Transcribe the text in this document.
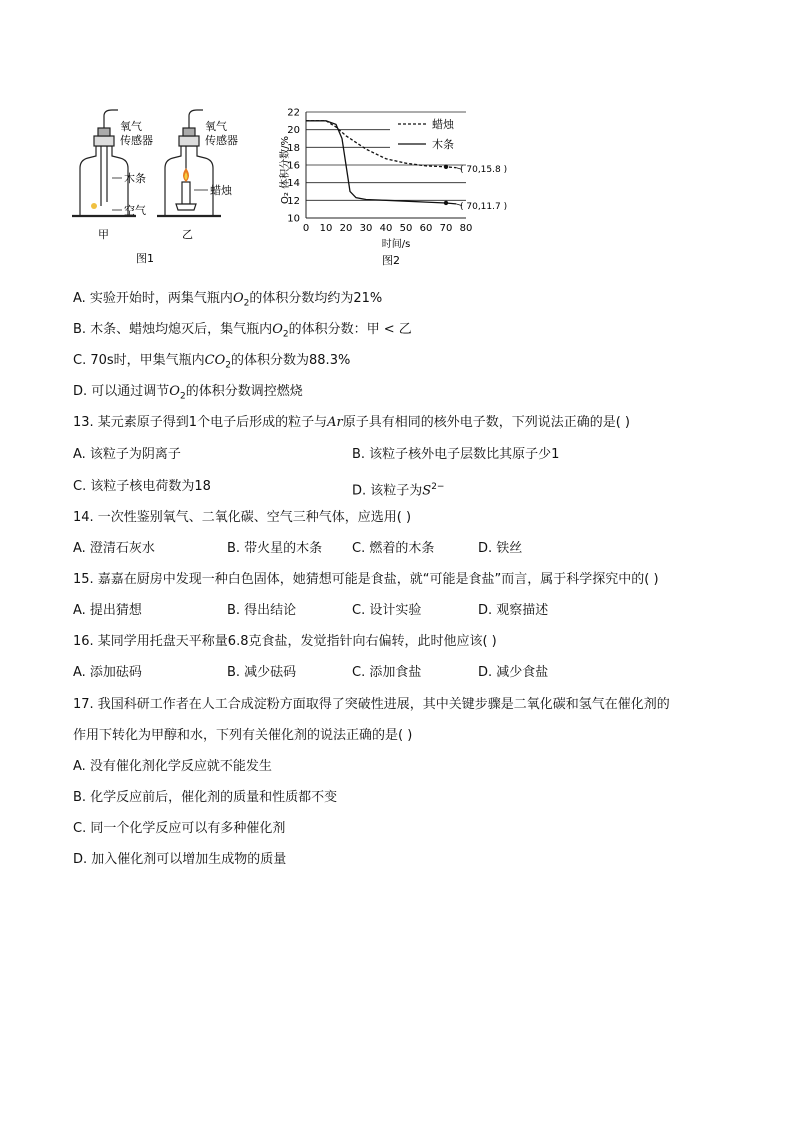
氧气
传感器
木条
空气
氧气
传感器
蜡烛
甲	乙
图1
10
12
14
16
18
20
22
0 10 20 30 40 50 60 70 80
( 70,15.8 )
( 70,11.7 )
蜡烛
木条
O₂ 体积分数/%
时间/s
图2
A. 实验开始时，两集气瓶内$O_2$的体积分数均约为21%
B. 木条、蜡烛均熄灭后，集气瓶内$O_2$的体积分数：甲 < 乙
C. 70s时，甲集气瓶内$CO_2$的体积分数为88.3%
D. 可以通过调节$O_2$的体积分数调控燃烧
13. 某元素原子得到1个电子后形成的粒子与Ar原子具有相同的核外电子数，下列说法正确的是( )
A. 该粒子为阴离子	B. 该粒子核外电子层数比其原子少1
C. 该粒子核电荷数为18	D. 该粒子为$S^{2-}$
14. 一次性鉴别氧气、二氧化碳、空气三种气体，应选用( )
A. 澄清石灰水	B. 带火星的木条 C. 燃着的木条	D. 铁丝
15. 嘉嘉在厨房中发现一种白色固体，她猜想可能是食盐，就“可能是食盐”而言，属于科学探究中的( )
A. 提出猜想	B. 得出结论	C. 设计实验	D. 观察描述
16. 某同学用托盘天平称量6.8克食盐，发觉指针向右偏转，此时他应该( )
A. 添加砝码	B. 减少砝码	C. 添加食盐	D. 减少食盐
17. 我国科研工作者在人工合成淀粉方面取得了突破性进展，其中关键步骤是二氧化碳和氢气在催化剂的
作用下转化为甲醇和水，下列有关催化剂的说法正确的是( )
A. 没有催化剂化学反应就不能发生
B. 化学反应前后，催化剂的质量和性质都不变
C. 同一个化学反应可以有多种催化剂
D. 加入催化剂可以增加生成物的质量
